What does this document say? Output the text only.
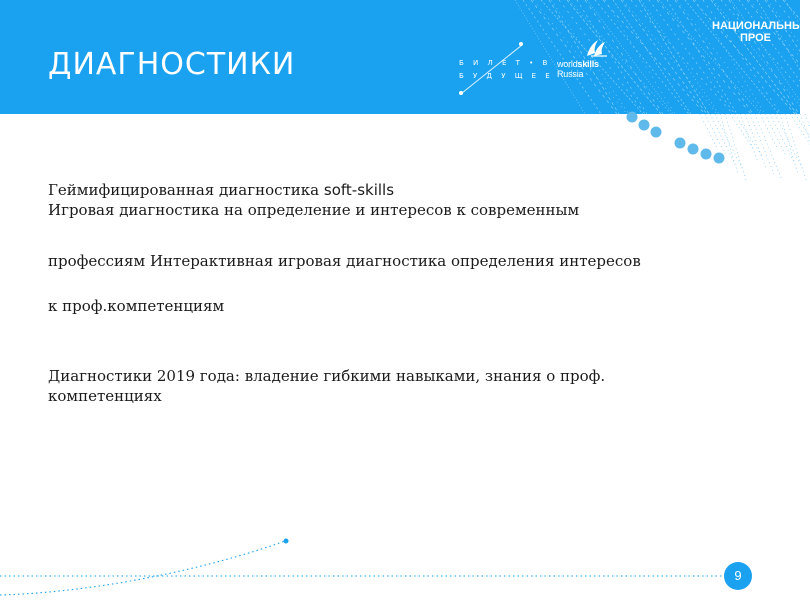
ДИАГНОСТИКИ	Б И Л Е Т • В
Б У Д У Щ Е Е
worldskills
Russia
НАЦИОНАЛЬНЫЕ
ПРОЕ

Геймифицированная диагностика soft-skills

Игровая диагностика на определение и интересов к современным

профессиям Интерактивная игровая диагностика определения интересов

к проф.компетенциям

Диагностики 2019 года: владение гибкими навыками, знания о проф. компетенциях

9
